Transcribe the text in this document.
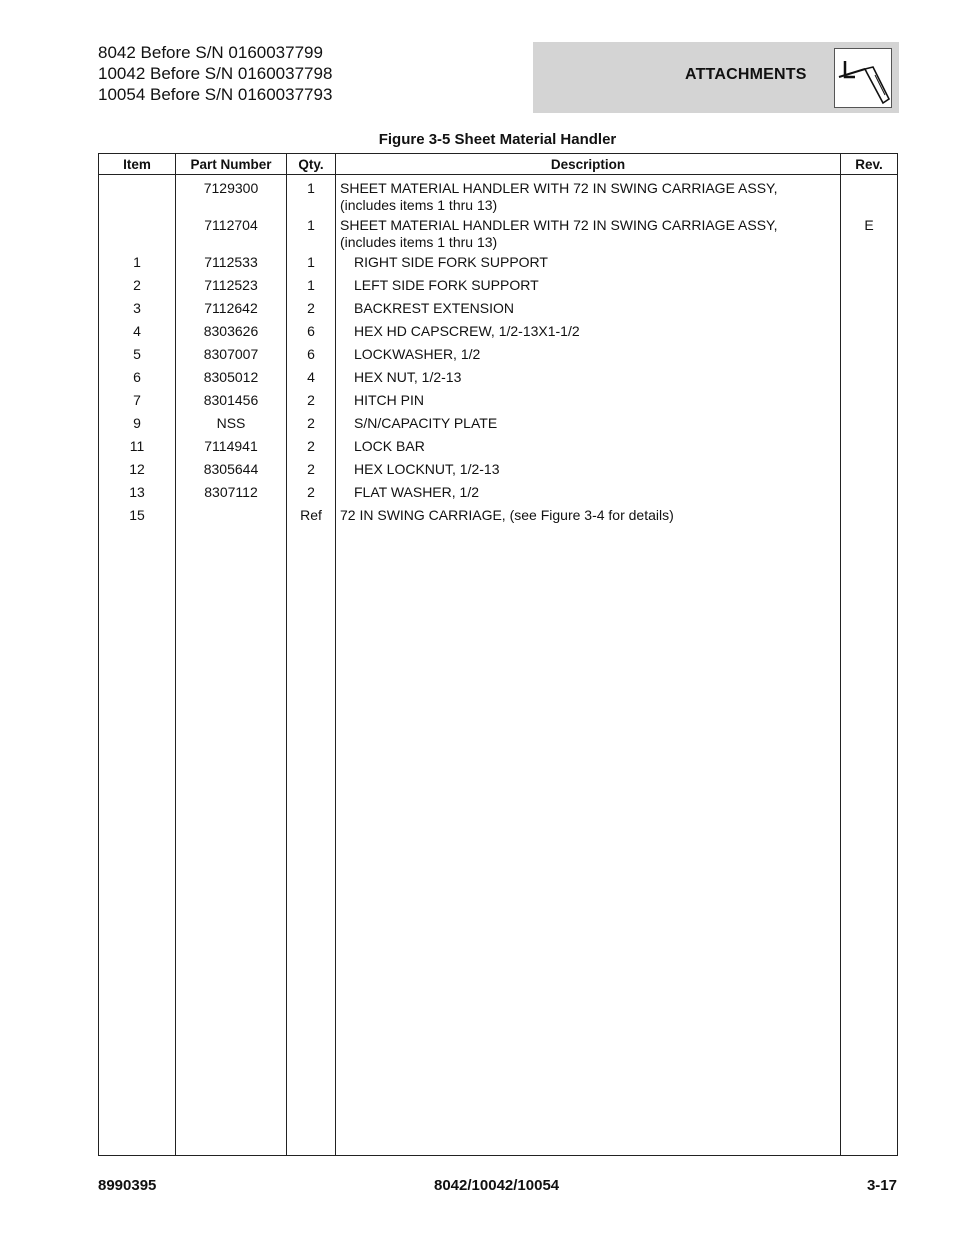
8042 Before S/N 0160037799
10042 Before S/N 0160037798
10054 Before S/N 0160037793
ATTACHMENTS
Figure 3-5 Sheet Material Handler
Item	Part Number	Qty.	Description	Rev.
	7129300	1	SHEET MATERIAL HANDLER WITH 72 IN SWING CARRIAGE ASSY,
(includes items 1 thru 13)	

	7112704	1	SHEET MATERIAL HANDLER WITH 72 IN SWING CARRIAGE ASSY,
(includes items 1 thru 13)	E
1	7112533	1	RIGHT SIDE FORK SUPPORT	
2	7112523	1	LEFT SIDE FORK SUPPORT	
3	7112642	2	BACKREST EXTENSION	
4	8303626	6	HEX HD CAPSCREW, 1/2-13X1-1/2	
5	8307007	6	LOCKWASHER, 1/2	
6	8305012	4	HEX NUT, 1/2-13	
7	8301456	2	HITCH PIN	
9	NSS	2	S/N/CAPACITY PLATE	
11	7114941	2	LOCK BAR	
12	8305644	2	HEX LOCKNUT, 1/2-13	
13	8307112	2	FLAT WASHER, 1/2	
15		Ref	72 IN SWING CARRIAGE, (see Figure 3-4 for details)	

8990395	8042/10042/10054	3-17
